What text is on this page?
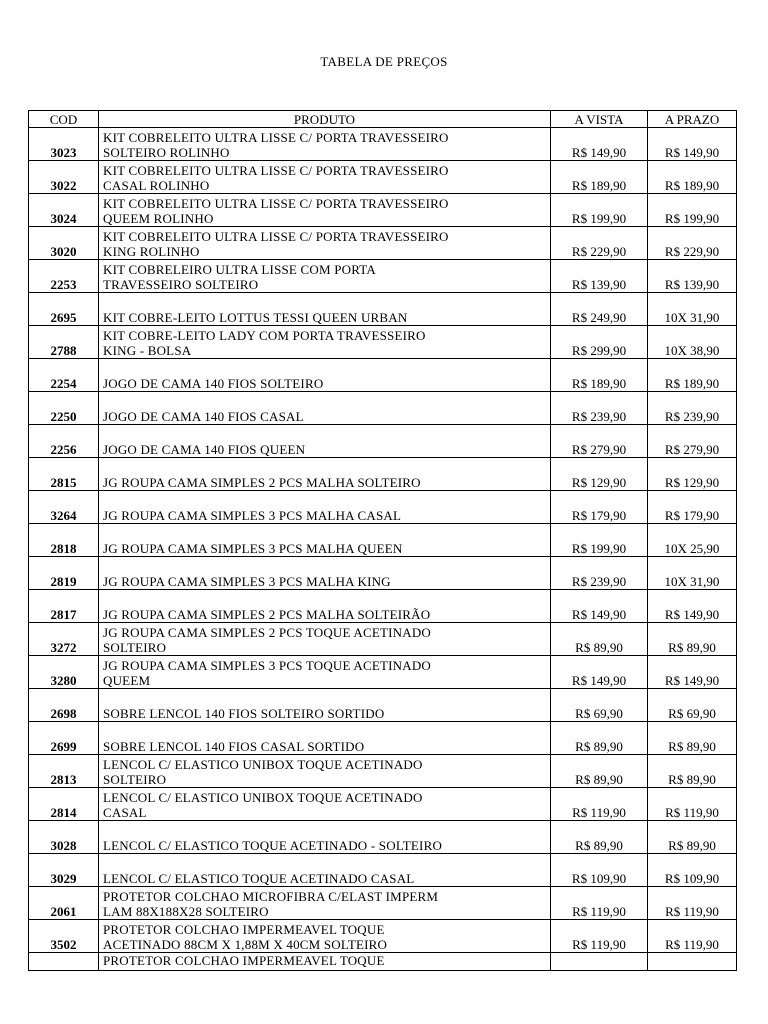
TABELA DE PREÇOS
COD	PRODUTO	A VISTA	A PRAZO
3023	KIT COBRELEITO ULTRA LISSE C/ PORTA TRAVESSEIRO
SOLTEIRO ROLINHO	R$ 149,90	R$ 149,90
3022	KIT COBRELEITO ULTRA LISSE C/ PORTA TRAVESSEIRO
CASAL ROLINHO	R$ 189,90	R$ 189,90
3024	KIT COBRELEITO ULTRA LISSE C/ PORTA TRAVESSEIRO
QUEEM ROLINHO	R$ 199,90	R$ 199,90
3020	KIT COBRELEITO ULTRA LISSE C/ PORTA TRAVESSEIRO
KING ROLINHO	R$ 229,90	R$ 229,90
2253	KIT COBRELEIRO ULTRA LISSE COM PORTA
TRAVESSEIRO SOLTEIRO	R$ 139,90	R$ 139,90
2695	KIT COBRE-LEITO LOTTUS TESSI QUEEN URBAN	R$ 249,90	10X 31,90
2788	KIT COBRE-LEITO LADY COM PORTA TRAVESSEIRO
KING - BOLSA	R$ 299,90	10X 38,90
2254	JOGO DE CAMA 140 FIOS SOLTEIRO	R$ 189,90	R$ 189,90
2250	JOGO DE CAMA 140 FIOS CASAL	R$ 239,90	R$ 239,90
2256	JOGO DE CAMA 140 FIOS QUEEN	R$ 279,90	R$ 279,90
2815	JG ROUPA CAMA SIMPLES 2 PCS MALHA SOLTEIRO	R$ 129,90	R$ 129,90
3264	JG ROUPA CAMA SIMPLES 3 PCS MALHA CASAL	R$ 179,90	R$ 179,90
2818	JG ROUPA CAMA SIMPLES 3 PCS MALHA QUEEN	R$ 199,90	10X 25,90
2819	JG ROUPA CAMA SIMPLES 3 PCS MALHA KING	R$ 239,90	10X 31,90
2817	JG ROUPA CAMA SIMPLES 2 PCS MALHA SOLTEIRÃO	R$ 149,90	R$ 149,90
3272	JG ROUPA CAMA SIMPLES 2 PCS TOQUE ACETINADO
SOLTEIRO	R$ 89,90	R$ 89,90
3280	JG ROUPA CAMA SIMPLES 3 PCS TOQUE ACETINADO
QUEEM	R$ 149,90	R$ 149,90
2698	SOBRE LENCOL 140 FIOS SOLTEIRO SORTIDO	R$ 69,90	R$ 69,90
2699	SOBRE LENCOL 140 FIOS CASAL SORTIDO	R$ 89,90	R$ 89,90
2813	LENCOL C/ ELASTICO UNIBOX TOQUE ACETINADO
SOLTEIRO	R$ 89,90	R$ 89,90
2814	LENCOL C/ ELASTICO UNIBOX TOQUE ACETINADO
CASAL	R$ 119,90	R$ 119,90
3028	LENCOL C/ ELASTICO TOQUE ACETINADO - SOLTEIRO	R$ 89,90	R$ 89,90
3029	LENCOL C/ ELASTICO TOQUE ACETINADO CASAL	R$ 109,90	R$ 109,90
2061	PROTETOR COLCHAO MICROFIBRA C/ELAST IMPERM
LAM 88X188X28 SOLTEIRO	R$ 119,90	R$ 119,90
3502	PROTETOR COLCHAO IMPERMEAVEL TOQUE
ACETINADO 88CM X 1,88M X 40CM SOLTEIRO	R$ 119,90	R$ 119,90

	PROTETOR COLCHAO IMPERMEAVEL TOQUE		
